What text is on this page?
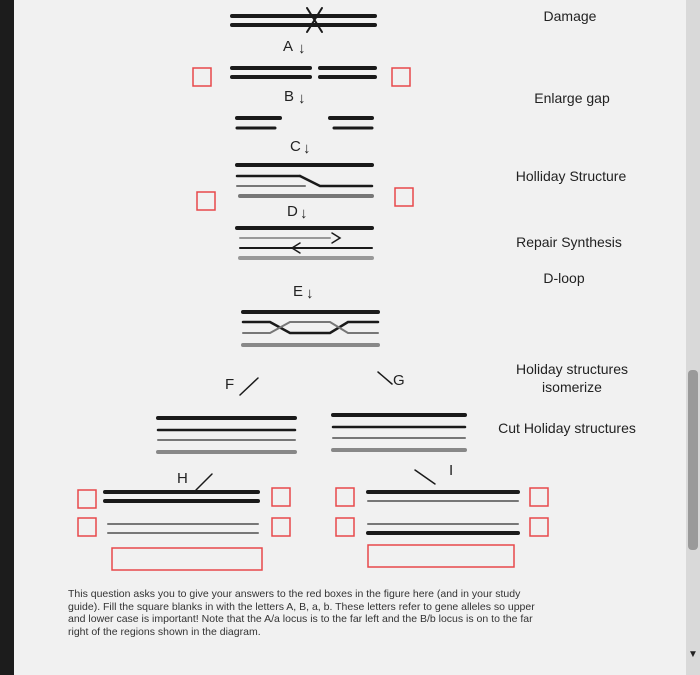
▼
Damage
Enlarge gap
Holliday Structure
Repair Synthesis
D-loop
Holiday structures
isomerize
Cut Holiday structures
A ↓
B ↓
C ↓
D ↓
E ↓
F	G
H	I
This question asks you to give your answers to the red boxes in the figure here (and in your study guide). Fill the square blanks in with the letters A, B, a, b. These letters refer to gene alleles so upper and lower case is important! Note that the A/a locus is to the far left and the B/b locus is on to the far right of the regions shown in the diagram.
